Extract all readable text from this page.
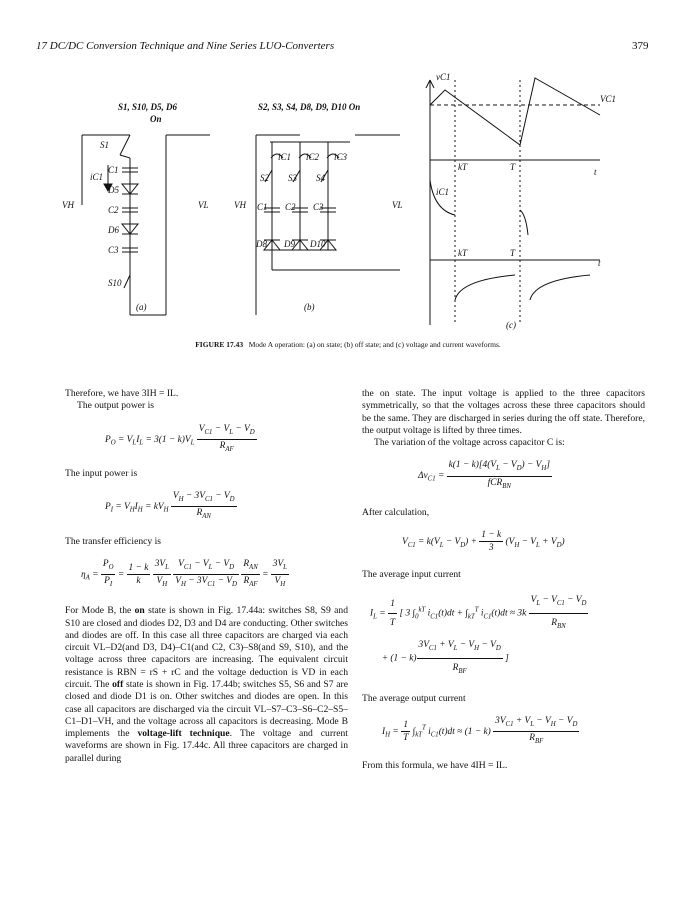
17 DC/DC Conversion Technique and Nine Series LUO-Converters	379
S1, S10, D5, D6
On
S1
C1
D5
C2
D6
C3
S10
iC1
VH	VL
(a)
S2, S3, S4, D8, D9, D10 On
S2 S3 S4
C1 C2 C3
D8 D9 D10
iC1 iC2 iC3
VH	VL
(b)
vC1
VC1
kT	T	t
iC1
kT	T
t
(c)
FIGURE 17.43 Mode A operation: (a) on state; (b) off state; and (c) voltage and current waveforms.

Therefore, we have 3IH = IL.

The output power is

$P_O = V_LI_L = 3(1 - k)V_L \frac{V_{C1} - V_L - V_D}{R_{AF}}$

The input power is

$P_I = V_HI_H = kV_H \frac{V_H - 3V_{C1} - V_D}{R_{AN}}$

The transfer efficiency is

$\eta_A = \frac{P_O}{P_I} = \frac{1 - k}{k}$
$\frac{3V_L}{V_H}$
$\frac{V_{C1} - V_L - V_D}{V_H - 3V_{C1} - V_D}$
$\frac{R_{AN}}{R_{AF}} = \frac{3V_L}{V_H}$

For Mode B, the on state is shown in Fig. 17.44a: switches S8, S9 and S10 are closed and diodes D2, D3 and D4 are conducting. Other switches and diodes are off. In this case all three capacitors are charged via each circuit VL–D2(and D3, D4)–C1(and C2, C3)–S8(and S9, S10), and the voltage across three capacitors are increasing. The equivalent circuit resistance is RBN = rS + rC and the voltage deduction is VD in each circuit. The off state is shown in Fig. 17.44b; switches S5, S6 and S7 are closed and diode D1 is on. Other switches and diodes are open. In this case all capacitors are discharged via the circuit VL–S7–C3–S6–C2–S5–C1–D1–VH, and the voltage across all capacitors is decreasing. Mode B implements the voltage-lift technique. The voltage and current waveforms are shown in Fig. 17.44c. All three capacitors are charged in parallel during

the on state. The input voltage is applied to the three capacitors symmetrically, so that the voltages across these three capacitors should be the same. They are discharged in series during the off state. Therefore, the output voltage is lifted by three times.

The variation of the voltage across capacitor C is:

$\Delta v_{C1} = \frac{k(1 - k)[4(V_L - V_D) - V_H]}{fCR_{BN}}$

After calculation,

$V_{C1} = k(V_L - V_D) + \frac{1 - k}{3} (V_H - V_L + V_D)$

The average input current

$I_L = \frac{1}{T}$ [ 3 $\int_0^{kT}$ $i_{C1}(t)dt + \int_{kT}^T$ $i_{C1}(t)dt \approx 3k \frac{V_L - V_{C1} - V_D}{R_{BN}}$

+ $(1 - k) \frac{3V_{C1} + V_L - V_H - V_D}{R_{BF}}$ ]

The average output current

$I_H = \frac{1}{T} \int_{kT}^T$ $i_{C1}(t)dt \approx (1 - k) \frac{3V_{C1} + V_L - V_H - V_D}{R_{BF}}$

From this formula, we have 4IH = IL.
